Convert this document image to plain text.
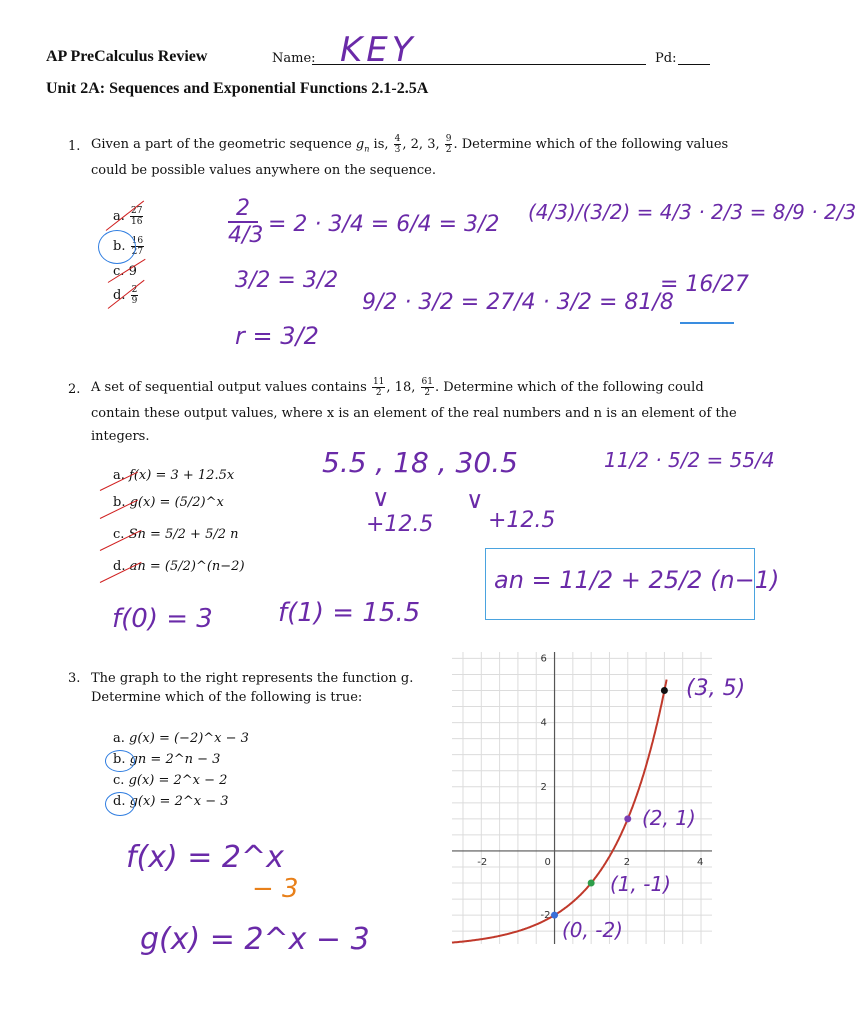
AP PreCalculus Review	Name: KEY	Pd:
Unit 2A: Sequences and Exponential Functions 2.1-2.5A
1. Given a part of the geometric sequence $g_n$ is, $\frac{4}{3}$ , 2, 3, $\frac{9}{2}$ . Determine which of the following values
could be possible values anywhere on the sequence.
a. $\frac{27}{16}$
b. $\frac{16}{27}$
c. 9
d. $\frac{2}{9}$
2
4/3 = 2 · 3/4 = 6/4 = 3/2
3/2 = 3/2
r = 3/2
(4/3)/(3/2) = 4/3 · 2/3 = 8/9 · 2/3
9/2 · 3/2 = 27/4 · 3/2 = 81/8
= 16/27
2. A set of sequential output values contains $\frac{11}{2}$ , 18, $\frac{61}{2}$ . Determine which of the following could
contain these output values, where x is an element of the real numbers and n is an element of the
integers.
a. f(x) = 3 + 12.5x
b. g(x) = (5/2)^x
c. Sn = 5/2 + 5/2 n
d. an = (5/2)^(n−2)
5.5 , 18 , 30.5
∨	∨
+12.5 +12.5
11/2 · 5/2 = 55/4
f(0) = 3	f(1) = 15.5
an = 11/2 + 25/2 (n−1)
3. The graph to the right represents the function g.
Determine which of the following is true:
a. g(x) = (−2)^x − 3
b. gn = 2^n − 3
c. g(x) = 2^x − 2
d. g(x) = 2^x − 3
f(x) = 2^x
− 3
g(x) = 2^x − 3
-2	0	2	4
-2
2
4
6
(3, 5)
(2, 1)
(1, -1)
(0, -2)
